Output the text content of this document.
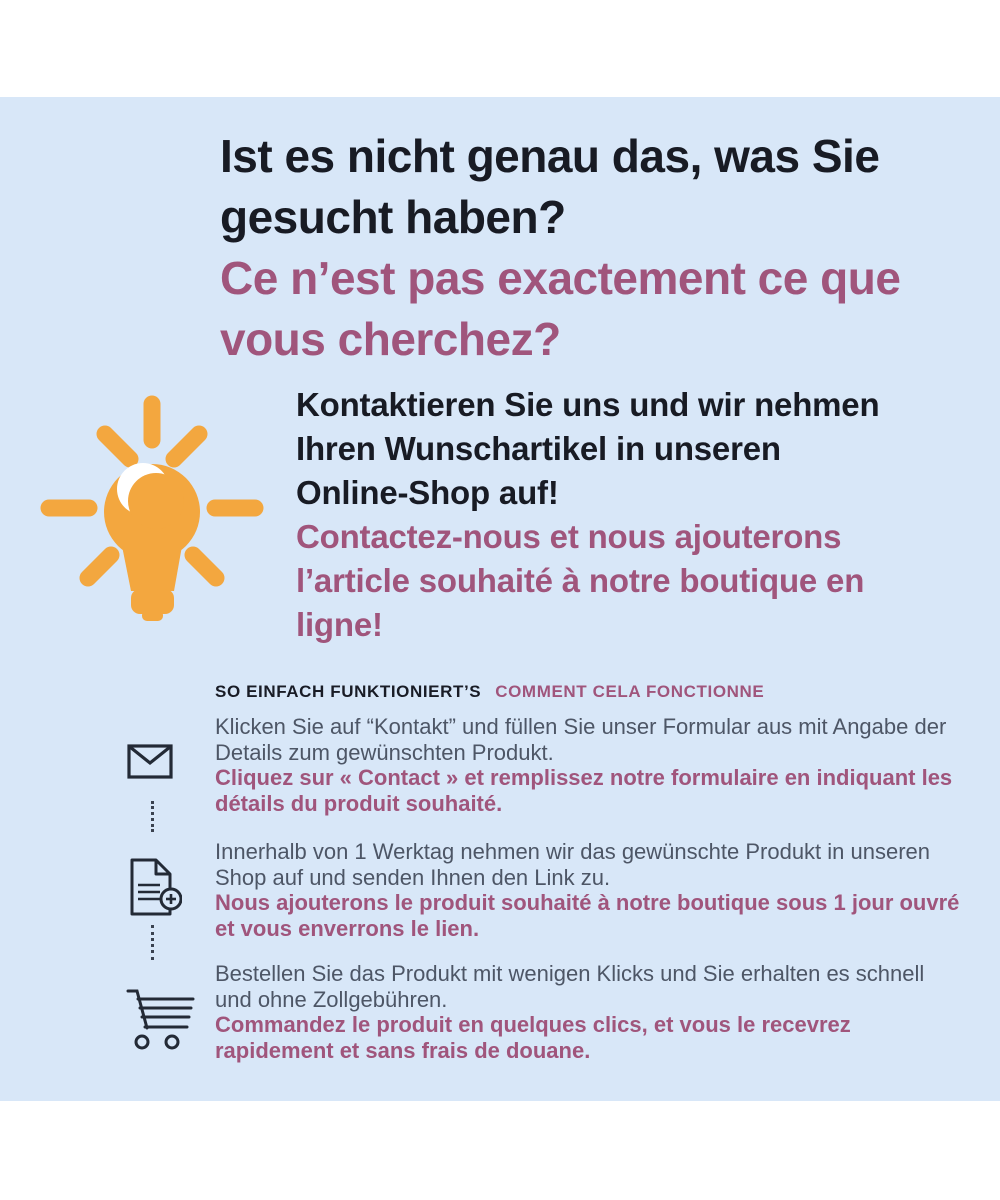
Ist es nicht genau das, was Sie gesucht haben?
Ce n’est pas exactement ce que vous cherchez?
Kontaktieren Sie uns und wir nehmen Ihren Wunschartikel in unseren Online-Shop auf!
Contactez-nous et nous ajouterons l’article souhaité à notre boutique en ligne!
SO EINFACH FUNKTIONIERT’S COMMENT CELA FONCTIONNE
Klicken Sie auf “Kontakt” und füllen Sie unser Formular aus mit Angabe der Details zum gewünschten Produkt.
Cliquez sur « Contact » et remplissez notre formulaire en indiquant les détails du produit souhaité.
Innerhalb von 1 Werktag nehmen wir das gewünschte Produkt in unseren Shop auf und senden Ihnen den Link zu.
Nous ajouterons le produit souhaité à notre boutique sous 1 jour ouvré et vous enverrons le lien.
Bestellen Sie das Produkt mit wenigen Klicks und Sie erhalten es schnell und ohne Zollgebühren.
Commandez le produit en quelques clics, et vous le recevrez rapidement et sans frais de douane.
